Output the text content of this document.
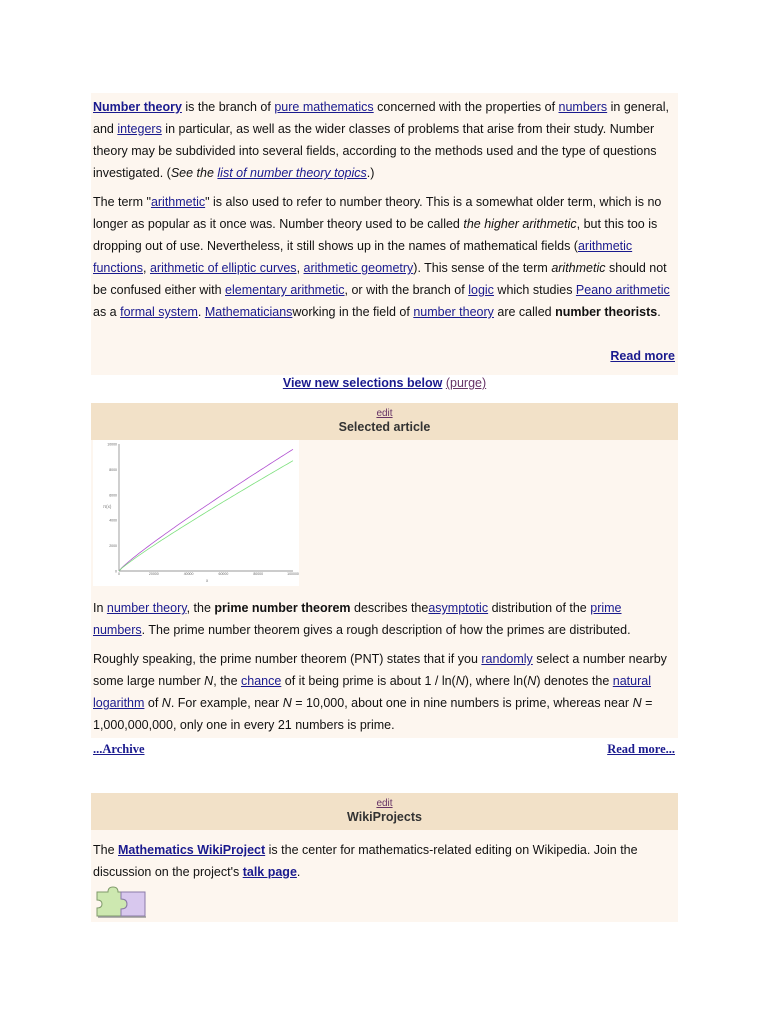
Number theory is the branch of pure mathematics concerned with the properties of numbers in general, and integers in particular, as well as the wider classes of problems that arise from their study. Number theory may be subdivided into several fields, according to the methods used and the type of questions investigated. (See the list of number theory topics.)

The term "arithmetic" is also used to refer to number theory. This is a somewhat older term, which is no longer as popular as it once was. Number theory used to be called the higher arithmetic, but this too is dropping out of use. Nevertheless, it still shows up in the names of mathematical fields (arithmetic functions, arithmetic of elliptic curves, arithmetic geometry). This sense of the term arithmetic should not be confused either with elementary arithmetic, or with the branch of logic which studies Peano arithmetic as a formal system. Mathematiciansworking in the field of number theory are called number theorists.

Read more
View new selections below (purge)
edit
Selected article
π(x)
x
0
2000
4000
6000
8000
10000
0	20000	40000	60000	80000	100000

In number theory, the prime number theorem describes theasymptotic distribution of the prime numbers. The prime number theorem gives a rough description of how the primes are distributed.

Roughly speaking, the prime number theorem (PNT) states that if you randomly select a number nearby some large number N, the chance of it being prime is about 1 / ln(N), where ln(N) denotes the natural logarithm of N. For example, near N = 10,000, about one in nine numbers is prime, whereas near N = 1,000,000,000, only one in every 21 numbers is prime.

...Archive	Read more...
edit
WikiProjects

The Mathematics WikiProject is the center for mathematics-related editing on Wikipedia. Join the discussion on the project's talk page.
